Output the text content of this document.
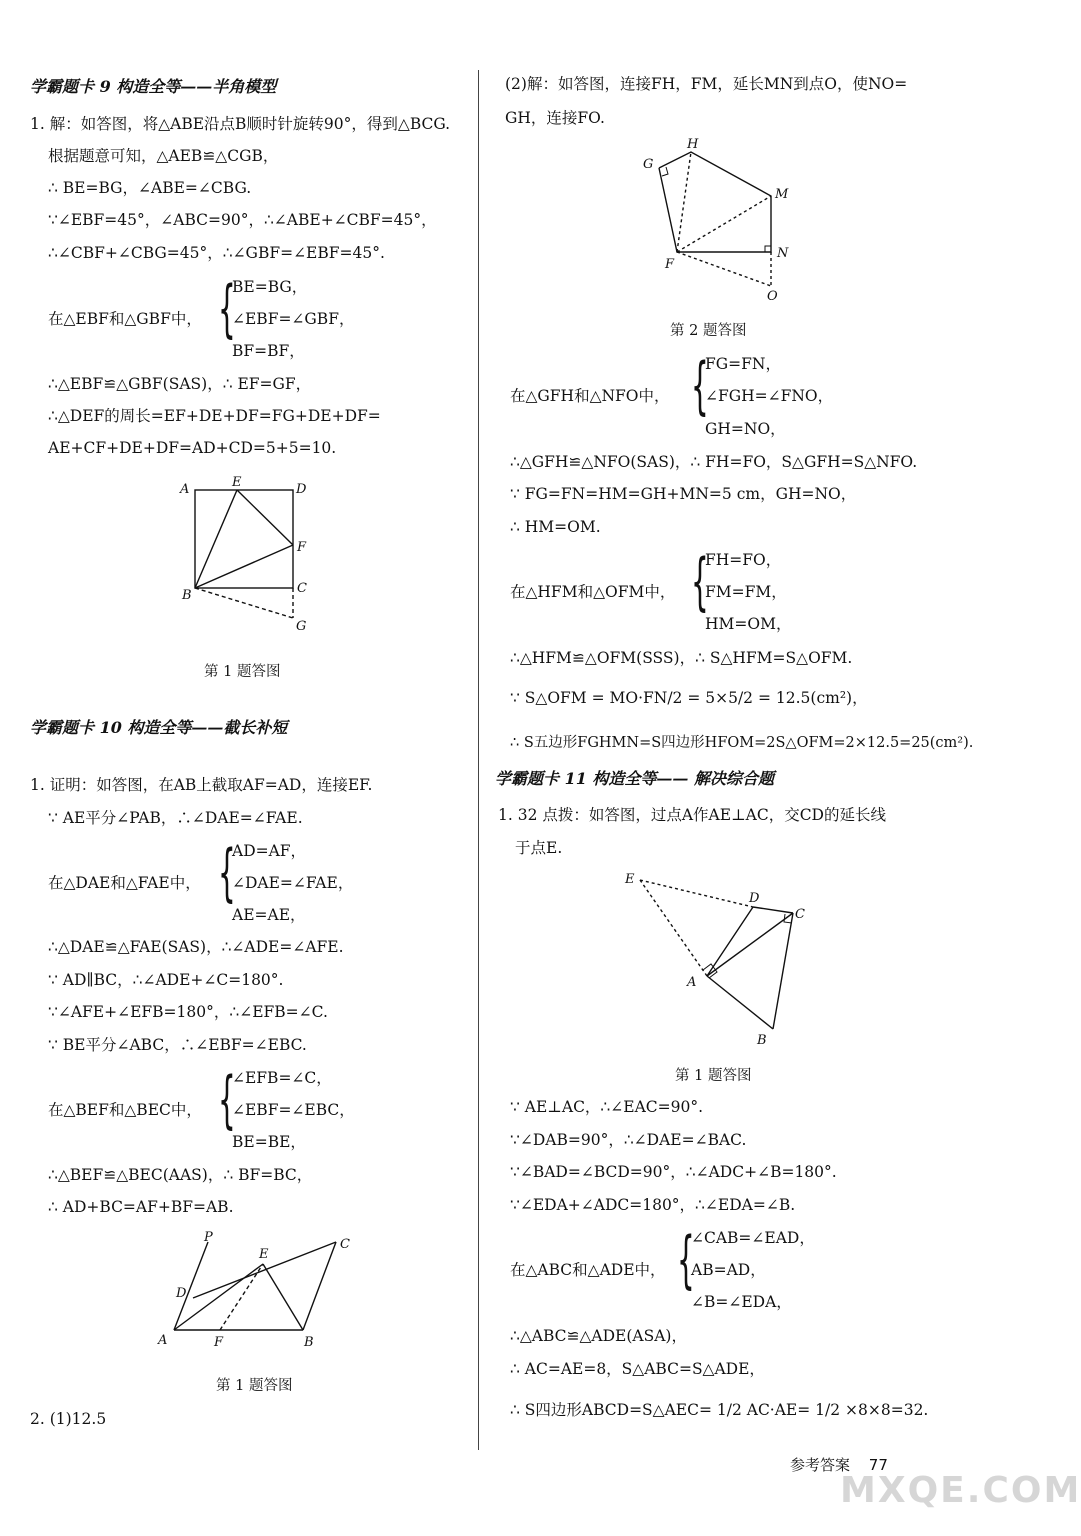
学霸题卡 9 构造全等——半角模型
1. 解：如答图，将△ABE沿点B顺时针旋转90°，得到△BCG.
根据题意可知，△AEB≌△CGB，
∴ BE=BG，∠ABE=∠CBG.
∵∠EBF=45°，∠ABC=90°，∴∠ABE+∠CBF=45°，
∴∠CBF+∠CBG=45°，∴∠GBF=∠EBF=45°.
在△EBF和△GBF中， {
BE=BG，
∠EBF=∠GBF，
BF=BF，
∴△EBF≌△GBF(SAS)，∴ EF=GF，
∴△DEF的周长=EF+DE+DF=FG+DE+DF=
AE+CF+DE+DF=AD+CD=5+5=10.
A	E	D
F
C
B
G
第 1 题答图
学霸题卡 10 构造全等——截长补短
1. 证明：如答图，在AB上截取AF=AD，连接EF.
∵ AE平分∠PAB，∴∠DAE=∠FAE.
在△DAE和△FAE中， {
AD=AF，
∠DAE=∠FAE，
AE=AE，
∴△DAE≌△FAE(SAS)，∴∠ADE=∠AFE.
∵ AD∥BC，∴∠ADE+∠C=180°.
∵∠AFE+∠EFB=180°，∴∠EFB=∠C.
∵ BE平分∠ABC，∴∠EBF=∠EBC.
在△BEF和△BEC中， {
∠EFB=∠C，
∠EBF=∠EBC，
BE=BE，
∴△BEF≌△BEC(AAS)，∴ BF=BC，
∴ AD+BC=AF+BF=AB.
P	C
E
D
A	F	B
第 1 题答图
2. (1)12.5
(2)解：如答图，连接FH，FM，延长MN到点O，使NO=
GH，连接FO.
G
H
M
N
F
O
第 2 题答图
在△GFH和△NFO中， {
FG=FN，
∠FGH=∠FNO，
GH=NO，
∴△GFH≌△NFO(SAS)，∴ FH=FO，S△GFH=S△NFO.
∵ FG=FN=HM=GH+MN=5 cm，GH=NO，
∴ HM=OM.
在△HFM和△OFM中， {
FH=FO，
FM=FM，
HM=OM，
∴△HFM≌△OFM(SSS)，∴ S△HFM=S△OFM.
∵ S△OFM = MO·FN/2 = 5×5/2 = 12.5(cm²)，
∴ S五边形FGHMN=S四边形HFOM=2S△OFM=2×12.5=25(cm²).
学霸题卡 11 构造全等—— 解决综合题
1. 32 点拨：如答图，过点A作AE⊥AC，交CD的延长线
于点E.
E
D
C
A
B
第 1 题答图
∵ AE⊥AC，∴∠EAC=90°.
∵∠DAB=90°，∴∠DAE=∠BAC.
∵∠BAD=∠BCD=90°，∴∠ADC+∠B=180°.
∵∠EDA+∠ADC=180°，∴∠EDA=∠B.
在△ABC和△ADE中， {
∠CAB=∠EAD，
AB=AD，
∠B=∠EDA，
∴△ABC≌△ADE(ASA)，
∴ AC=AE=8，S△ABC=S△ADE，
∴ S四边形ABCD=S△AEC= 1/2 AC·AE= 1/2 ×8×8=32.
参考答案 77
MXQE.COM
